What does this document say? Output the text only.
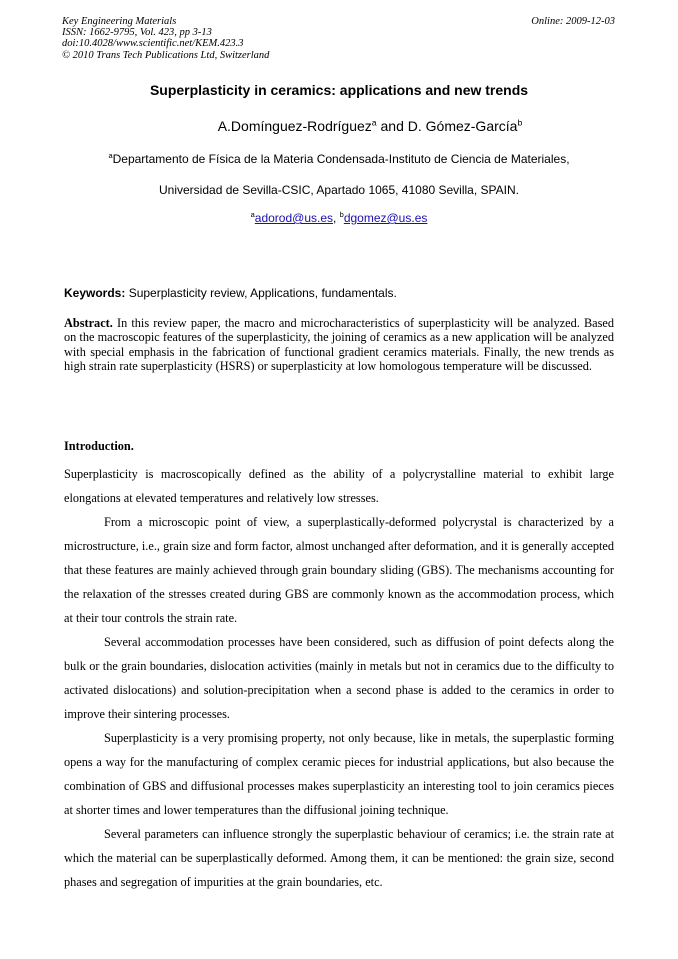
Key Engineering Materials
ISSN: 1662-9795, Vol. 423, pp 3-13
doi:10.4028/www.scientific.net/KEM.423.3
© 2010 Trans Tech Publications Ltd, Switzerland
Online: 2009-12-03
Superplasticity in ceramics: applications and new trends
A.Domínguez-Rodríguez$^a$ and D. Gómez-García$^b$
$^a$Departamento de Física de la Materia Condensada-Instituto de Ciencia de Materiales,
Universidad de Sevilla-CSIC, Apartado 1065, 41080 Sevilla, SPAIN.
$^a$adorod@us.es, $^b$dgomez@us.es
Keywords: Superplasticity review, Applications, fundamentals.
Abstract. In this review paper, the macro and microcharacteristics of superplasticity will be analyzed. Based on the macroscopic features of the superplasticity, the joining of ceramics as a new application will be analyzed with special emphasis in the fabrication of functional gradient ceramics materials. Finally, the new trends as high strain rate superplasticity (HSRS) or superplasticity at low homologous temperature will be discussed.
Introduction.

Superplasticity is macroscopically defined as the ability of a polycrystalline material to exhibit large elongations at elevated temperatures and relatively low stresses.

From a microscopic point of view, a superplastically-deformed polycrystal is characterized by a microstructure, i.e., grain size and form factor, almost unchanged after deformation, and it is generally accepted that these features are mainly achieved through grain boundary sliding (GBS). The mechanisms accounting for the relaxation of the stresses created during GBS are commonly known as the accommodation process, which at their tour controls the strain rate.

Several accommodation processes have been considered, such as diffusion of point defects along the bulk or the grain boundaries, dislocation activities (mainly in metals but not in ceramics due to the difficulty to activated dislocations) and solution-precipitation when a second phase is added to the ceramics in order to improve their sintering processes.

Superplasticity is a very promising property, not only because, like in metals, the superplastic forming opens a way for the manufacturing of complex ceramic pieces for industrial applications, but also because the combination of GBS and diffusional processes makes superplasticity an interesting tool to join ceramics pieces at shorter times and lower temperatures than the diffusional joining technique.

Several parameters can influence strongly the superplastic behaviour of ceramics; i.e. the strain rate at which the material can be superplastically deformed. Among them, it can be mentioned: the grain size, second phases and segregation of impurities at the grain boundaries, etc.
